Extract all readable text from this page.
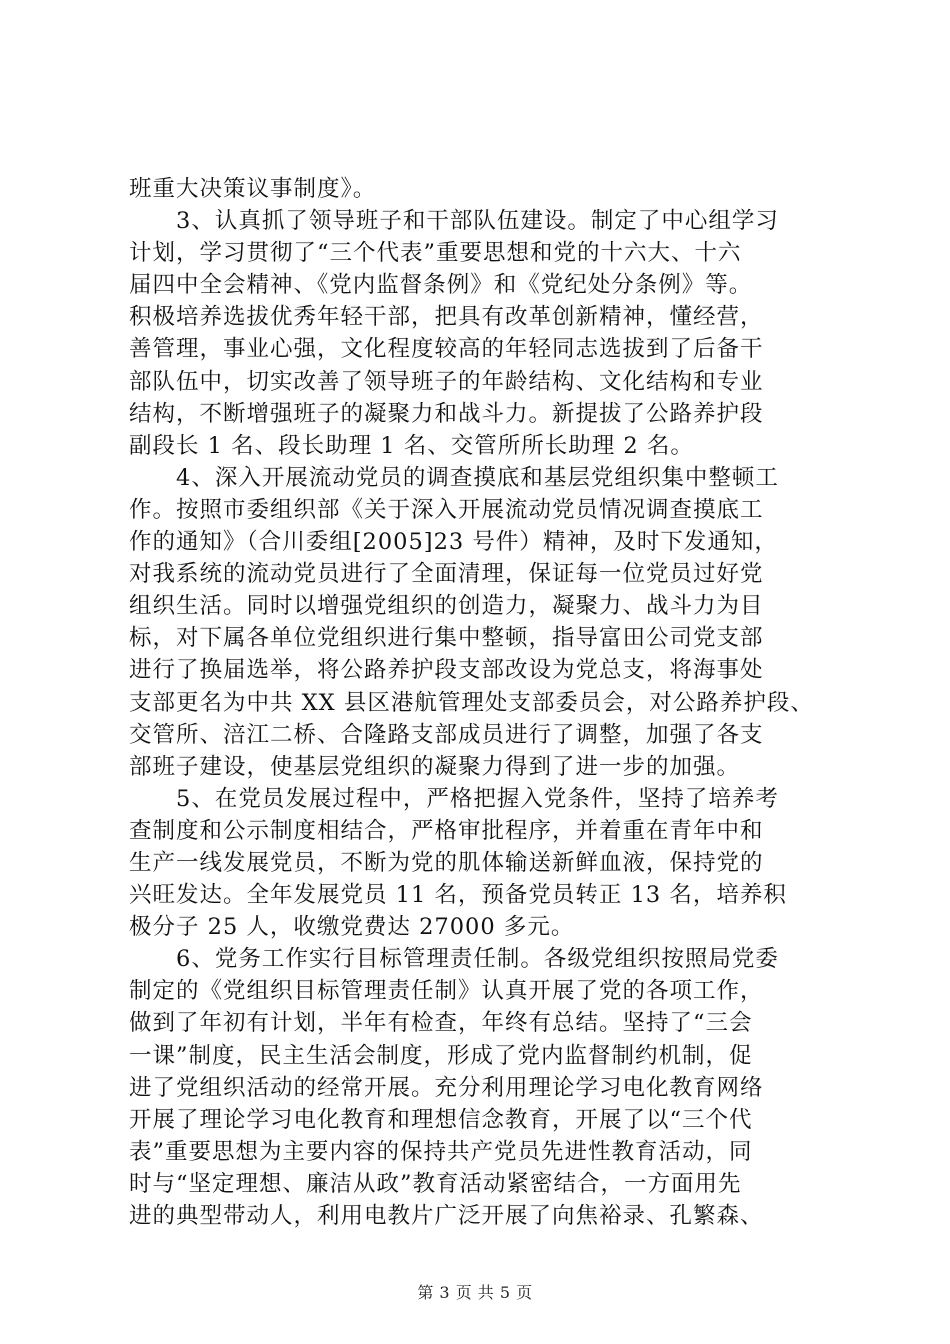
班重大决策议事制度》。
3、认真抓了领导班子和干部队伍建设。制定了中心组学习
计划，学习贯彻了“三个代表”重要思想和党的十六大、十六
届四中全会精神、《党内监督条例》和《党纪处分条例》等。
积极培养选拔优秀年轻干部，把具有改革创新精神，懂经营，
善管理，事业心强，文化程度较高的年轻同志选拔到了后备干
部队伍中，切实改善了领导班子的年龄结构、文化结构和专业
结构，不断增强班子的凝聚力和战斗力。新提拔了公路养护段
副段长 1 名、段长助理 1 名、交管所所长助理 2 名。
4、深入开展流动党员的调查摸底和基层党组织集中整顿工
作。按照市委组织部《关于深入开展流动党员情况调查摸底工
作的通知》（合川委组[2005]23 号件）精神，及时下发通知，
对我系统的流动党员进行了全面清理，保证每一位党员过好党
组织生活。同时以增强党组织的创造力，凝聚力、战斗力为目
标，对下属各单位党组织进行集中整顿，指导富田公司党支部
进行了换届选举，将公路养护段支部改设为党总支，将海事处
支部更名为中共 XX 县区港航管理处支部委员会，对公路养护段、
交管所、涪江二桥、合隆路支部成员进行了调整，加强了各支
部班子建设，使基层党组织的凝聚力得到了进一步的加强。
5、在党员发展过程中，严格把握入党条件，坚持了培养考
查制度和公示制度相结合，严格审批程序，并着重在青年中和
生产一线发展党员，不断为党的肌体输送新鲜血液，保持党的
兴旺发达。全年发展党员 11 名，预备党员转正 13 名，培养积
极分子 25 人，收缴党费达 27000 多元。
6、党务工作实行目标管理责任制。各级党组织按照局党委
制定的《党组织目标管理责任制》认真开展了党的各项工作，
做到了年初有计划，半年有检查，年终有总结。坚持了“三会
一课”制度，民主生活会制度，形成了党内监督制约机制，促
进了党组织活动的经常开展。充分利用理论学习电化教育网络
开展了理论学习电化教育和理想信念教育，开展了以“三个代
表”重要思想为主要内容的保持共产党员先进性教育活动，同
时与“坚定理想、廉洁从政”教育活动紧密结合，一方面用先
进的典型带动人，利用电教片广泛开展了向焦裕录、孔繁森、
第 3 页 共 5 页
